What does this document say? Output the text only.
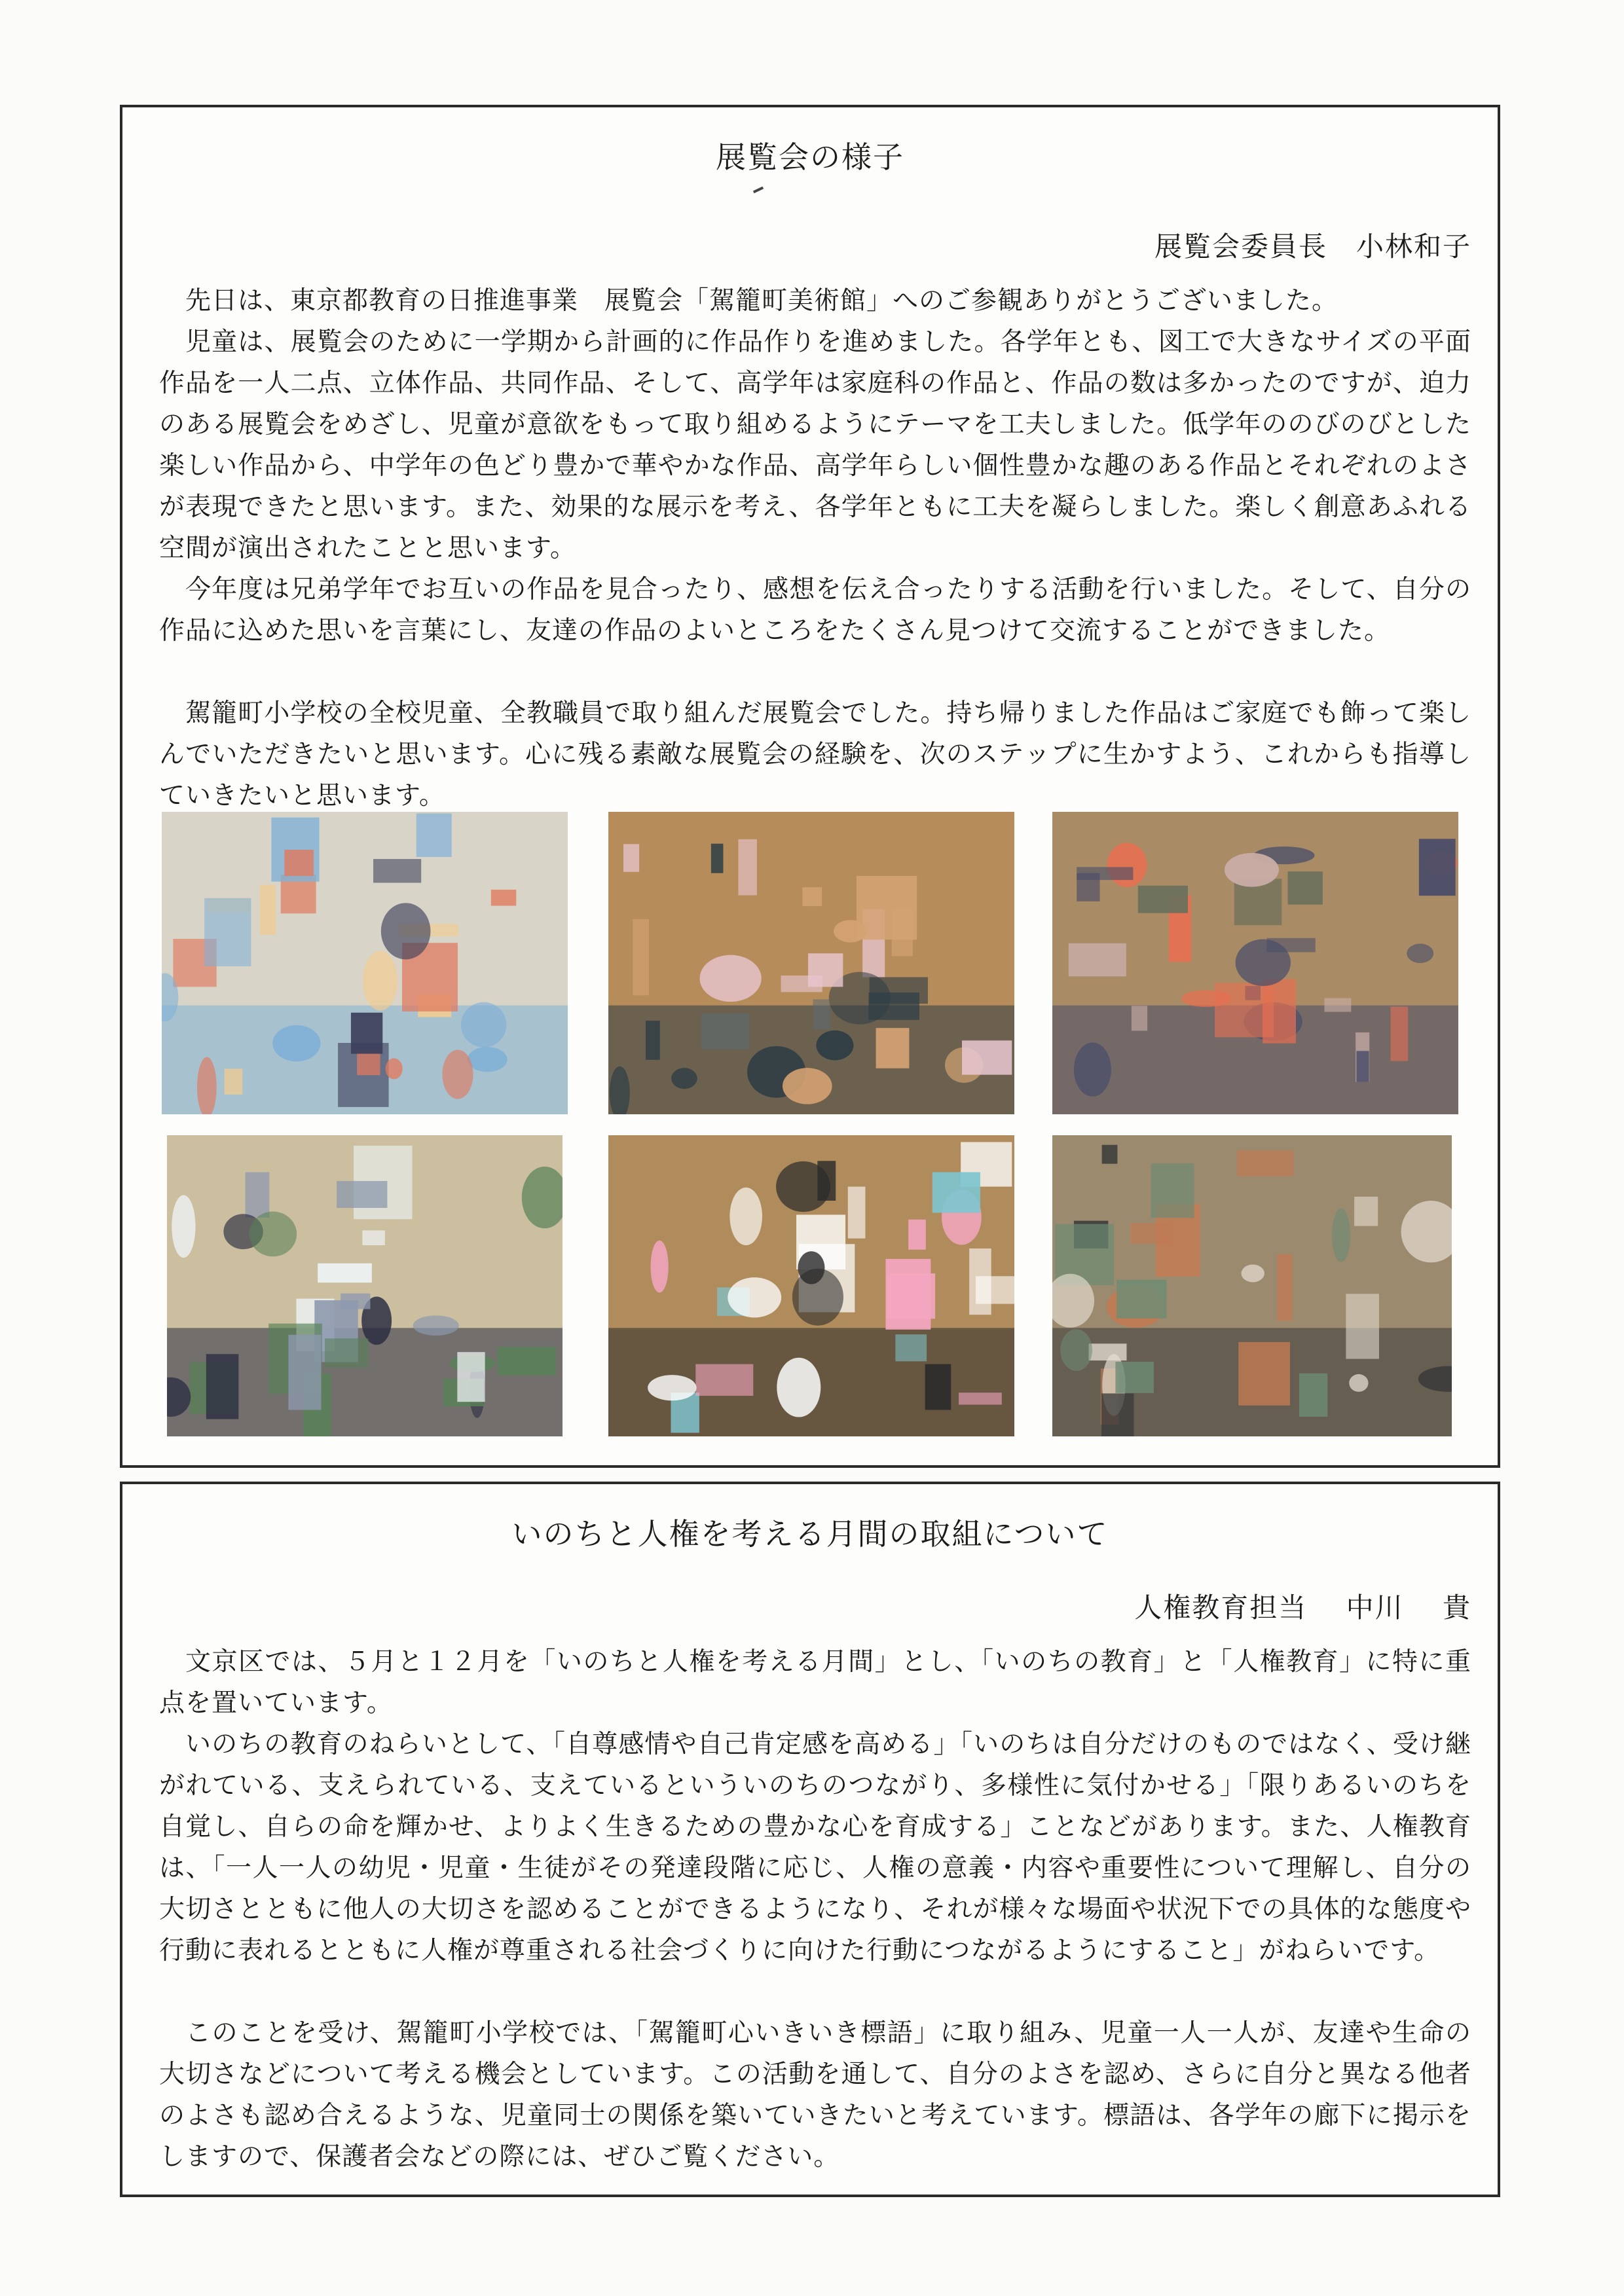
展覧会の様子
展覧会委員長　小林和子

先日は、東京都教育の日推進事業　展覧会「駕籠町美術館」へのご参観ありがとうございました。

児童は、展覧会のために一学期から計画的に作品作りを進めました。各学年とも、図工で大きなサイズの平面作品を一人二点、立体作品、共同作品、そして、高学年は家庭科の作品と、作品の数は多かったのですが、迫力のある展覧会をめざし、児童が意欲をもって取り組めるようにテーマを工夫しました。低学年ののびのびとした楽しい作品から、中学年の色どり豊かで華やかな作品、高学年らしい個性豊かな趣のある作品とそれぞれのよさが表現できたと思います。また、効果的な展示を考え、各学年ともに工夫を凝らしました。楽しく創意あふれる空間が演出されたことと思います。

今年度は兄弟学年でお互いの作品を見合ったり、感想を伝え合ったりする活動を行いました。そして、自分の作品に込めた思いを言葉にし、友達の作品のよいところをたくさん見つけて交流することができました。

駕籠町小学校の全校児童、全教職員で取り組んだ展覧会でした。持ち帰りました作品はご家庭でも飾って楽しんでいただきたいと思います。心に残る素敵な展覧会の経験を、次のステップに生かすよう、これからも指導していきたいと思います。

いのちと人権を考える月間の取組について
人権教育担当　 中川　 貴

文京区では、５月と１２月を「いのちと人権を考える月間」とし、「いのちの教育」と「人権教育」に特に重点を置いています。

いのちの教育のねらいとして、「自尊感情や自己肯定感を高める」「いのちは自分だけのものではなく、受け継がれている、支えられている、支えているといういのちのつながり、多様性に気付かせる」「限りあるいのちを自覚し、自らの命を輝かせ、よりよく生きるための豊かな心を育成する」ことなどがあります。また、人権教育は、「一人一人の幼児・児童・生徒がその発達段階に応じ、人権の意義・内容や重要性について理解し、自分の大切さとともに他人の大切さを認めることができるようになり、それが様々な場面や状況下での具体的な態度や行動に表れるとともに人権が尊重される社会づくりに向けた行動につながるようにすること」がねらいです。

このことを受け、駕籠町小学校では、「駕籠町心いきいき標語」に取り組み、児童一人一人が、友達や生命の大切さなどについて考える機会としています。この活動を通して、自分のよさを認め、さらに自分と異なる他者のよさも認め合えるような、児童同士の関係を築いていきたいと考えています。標語は、各学年の廊下に掲示をしますので、保護者会などの際には、ぜひご覧ください。
